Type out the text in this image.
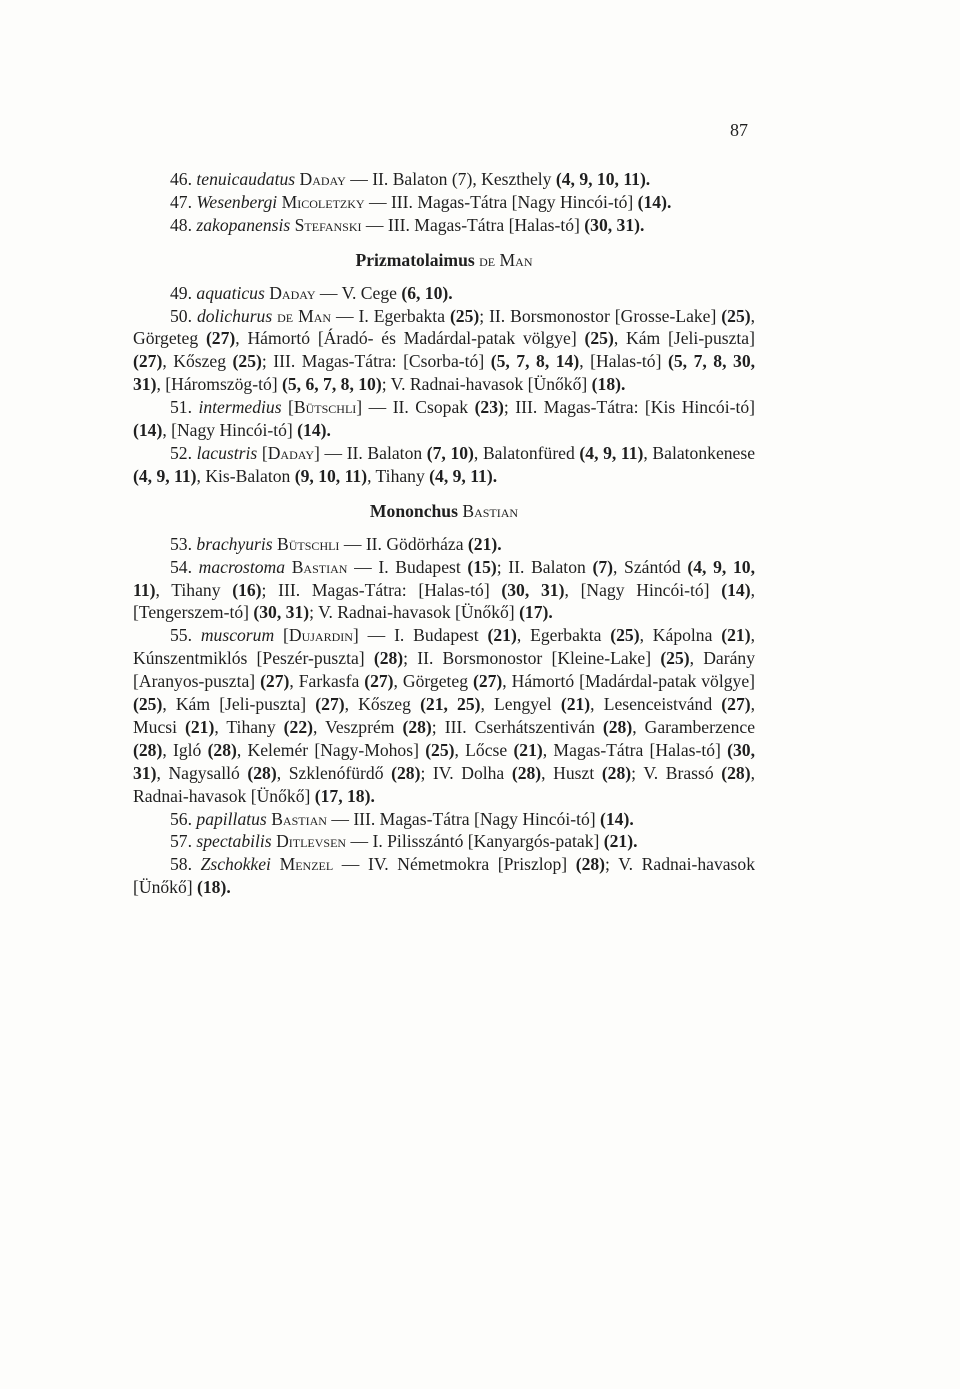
87

46. tenuicaudatus Daday — II. Balaton (7), Keszthely (4, 9, 10, 11).

47. Wesenbergi Micoletzky — III. Magas-Tátra [Nagy Hincói-tó] (14).

48. zakopanensis Stefanski — III. Magas-Tátra [Halas-tó] (30, 31).

Prizmatolaimus de Man

49. aquaticus Daday — V. Cege (6, 10).

50. dolichurus de Man — I. Egerbakta (25); II. Borsmonostor [Grosse-Lake] (25), Görgeteg (27), Hámortó [Áradó- és Madárdal-patak völgye] (25), Kám [Jeli-puszta] (27), Kőszeg (25); III. Magas-Tátra: [Csorba-tó] (5, 7, 8, 14), [Halas-tó] (5, 7, 8, 30, 31), [Háromszög-tó] (5, 6, 7, 8, 10); V. Radnai-havasok [Ünőkő] (18).

51. intermedius [Bütschli] — II. Csopak (23); III. Magas-Tátra: [Kis Hincói-tó] (14), [Nagy Hincói-tó] (14).

52. lacustris [Daday] — II. Balaton (7, 10), Balatonfüred (4, 9, 11), Balatonkenese (4, 9, 11), Kis-Balaton (9, 10, 11), Tihany (4, 9, 11).

Mononchus Bastian

53. brachyuris Bütschli — II. Gödörháza (21).

54. macrostoma Bastian — I. Budapest (15); II. Balaton (7), Szántód (4, 9, 10, 11), Tihany (16); III. Magas-Tátra: [Halas-tó] (30, 31), [Nagy Hincói-tó] (14), [Tengerszem-tó] (30, 31); V. Radnai-havasok [Ünőkő] (17).

55. muscorum [Dujardin] — I. Budapest (21), Egerbakta (25), Kápolna (21), Kúnszentmiklós [Peszér-puszta] (28); II. Borsmonostor [Kleine-Lake] (25), Darány [Aranyos-puszta] (27), Farkasfa (27), Görgeteg (27), Hámortó [Madárdal-patak völgye] (25), Kám [Jeli-puszta] (27), Kőszeg (21, 25), Lengyel (21), Lesenceistvánd (27), Mucsi (21), Tihany (22), Veszprém (28); III. Cserhátszentiván (28), Garamberzence (28), Igló (28), Kelemér [Nagy-Mohos] (25), Lőcse (21), Magas-Tátra [Halas-tó] (30, 31), Nagysalló (28), Szklenófürdő (28); IV. Dolha (28), Huszt (28); V. Brassó (28), Radnai-havasok [Ünőkő] (17, 18).

56. papillatus Bastian — III. Magas-Tátra [Nagy Hincói-tó] (14).

57. spectabilis Ditlevsen — I. Pilisszántó [Kanyargós-patak] (21).

58. Zschokkei Menzel — IV. Németmokra [Priszlop] (28); V. Radnai-havasok [Ünőkő] (18).
